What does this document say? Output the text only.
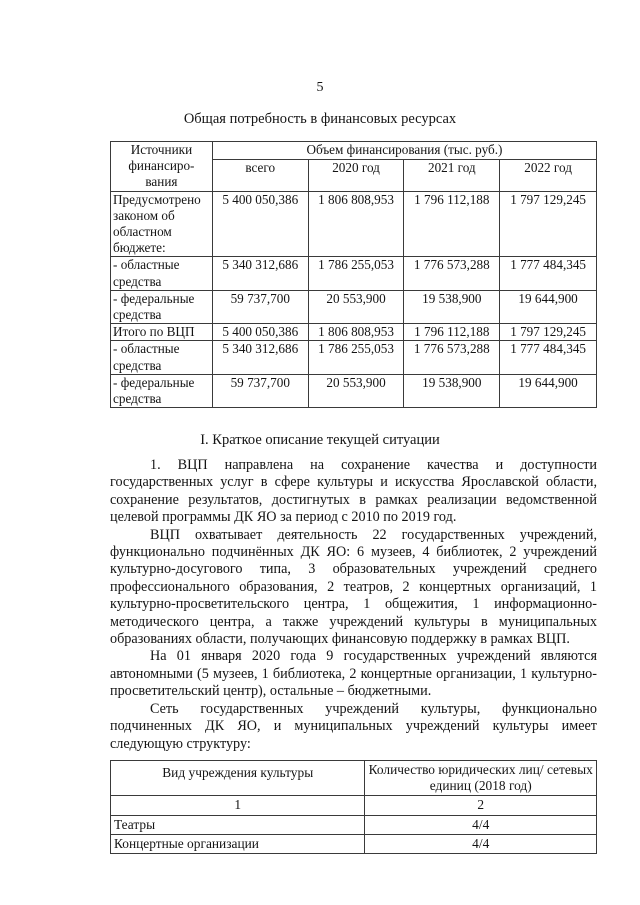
5
Общая потребность в финансовых ресурсах
Источники финансиро-вания	Объем финансирования (тыс. руб.)			
	всего	2020 год	2021 год	2022 год
Предусмотрено законом об областном бюджете:	5 400 050,386	1 806 808,953	1 796 112,188	1 797 129,245
- областные средства	5 340 312,686	1 786 255,053	1 776 573,288	1 777 484,345
- федеральные средства	59 737,700	20 553,900	19 538,900	19 644,900
Итого по ВЦП	5 400 050,386	1 806 808,953	1 796 112,188	1 797 129,245
- областные средства	5 340 312,686	1 786 255,053	1 776 573,288	1 777 484,345
- федеральные средства	59 737,700	20 553,900	19 538,900	19 644,900
I. Краткое описание текущей ситуации

1. ВЦП направлена на сохранение качества и доступности государственных услуг в сфере культуры и искусства Ярославской области, сохранение результатов, достигнутых в рамках реализации ведомственной целевой программы ДК ЯО за период с 2010 по 2019 год.

ВЦП охватывает деятельность 22 государственных учреждений, функционально подчинённых ДК ЯО: 6 музеев, 4 библиотек, 2 учреждений культурно-досугового типа, 3 образовательных учреждений среднего профессионального образования, 2 театров, 2 концертных организаций, 1 культурно-просветительского центра, 1 общежития, 1 информационно-методического центра, а также учреждений культуры в муниципальных образованиях области, получающих финансовую поддержку в рамках ВЦП.

На 01 января 2020 года 9 государственных учреждений являются автономными (5 музеев, 1 библиотека, 2 концертные организации, 1 культурно-просветительский центр), остальные – бюджетными.

Сеть государственных учреждений культуры, функционально подчиненных ДК ЯО, и муниципальных учреждений культуры имеет следующую структуру:

Вид учреждения культуры	Количество юридических лиц/ сетевых единиц (2018 год)
1	2
Театры	4/4
Концертные организации	4/4
